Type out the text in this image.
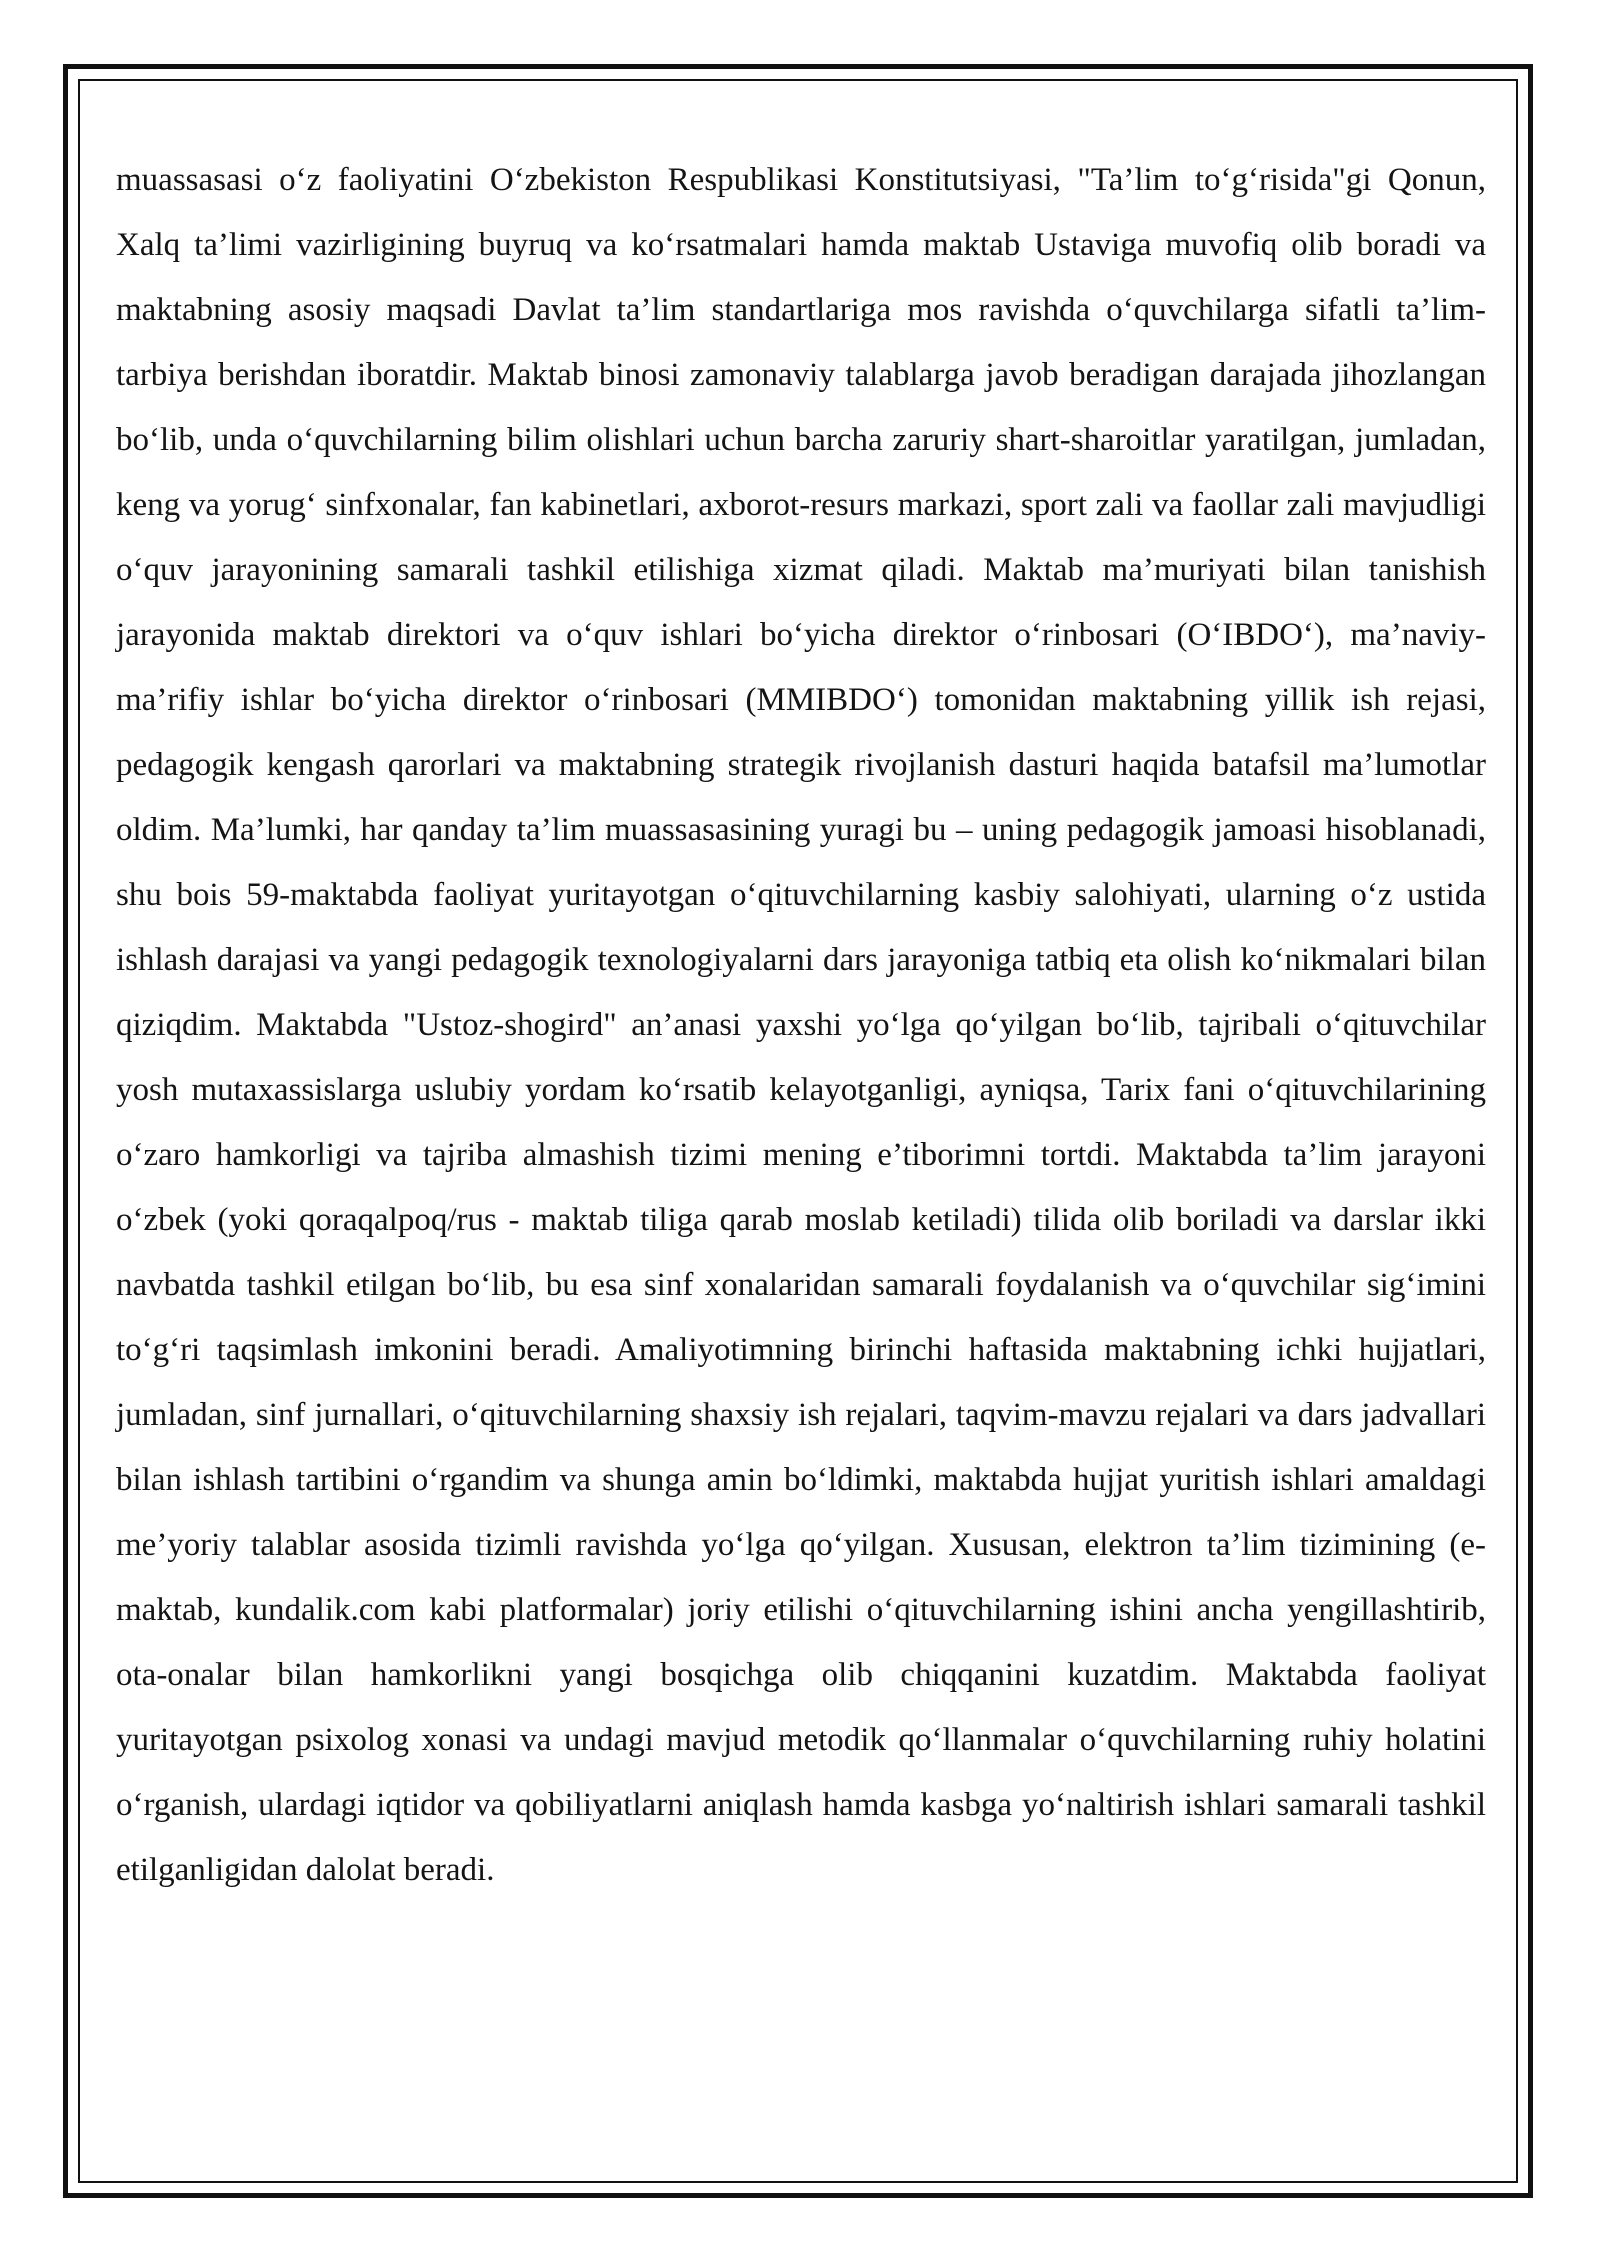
muassasasi o‘z faoliyatini O‘zbekiston Respublikasi Konstitutsiyasi, "Ta’lim to‘g‘risida"gi Qonun, Xalq ta’limi vazirligining buyruq va ko‘rsatmalari hamda maktab Ustaviga muvofiq olib boradi va maktabning asosiy maqsadi Davlat ta’lim standartlariga mos ravishda o‘quvchilarga sifatli ta’lim-tarbiya berishdan iboratdir. Maktab binosi zamonaviy talablarga javob beradigan darajada jihozlangan bo‘lib, unda o‘quvchilarning bilim olishlari uchun barcha zaruriy shart-sharoitlar yaratilgan, jumladan, keng va yorug‘ sinfxonalar, fan kabinetlari, axborot-resurs markazi, sport zali va faollar zali mavjudligi o‘quv jarayonining samarali tashkil etilishiga xizmat qiladi. Maktab ma’muriyati bilan tanishish jarayonida maktab direktori va o‘quv ishlari bo‘yicha direktor o‘rinbosari (O‘IBDO‘), ma’naviy-ma’rifiy ishlar bo‘yicha direktor o‘rinbosari (MMIBDO‘) tomonidan maktabning yillik ish rejasi, pedagogik kengash qarorlari va maktabning strategik rivojlanish dasturi haqida batafsil ma’lumotlar oldim. Ma’lumki, har qanday ta’lim muassasasining yuragi bu – uning pedagogik jamoasi hisoblanadi, shu bois 59-maktabda faoliyat yuritayotgan o‘qituvchilarning kasbiy salohiyati, ularning o‘z ustida ishlash darajasi va yangi pedagogik texnologiyalarni dars jarayoniga tatbiq eta olish ko‘nikmalari bilan qiziqdim. Maktabda "Ustoz-shogird" an’anasi yaxshi yo‘lga qo‘yilgan bo‘lib, tajribali o‘qituvchilar yosh mutaxassislarga uslubiy yordam ko‘rsatib kelayotganligi, ayniqsa, Tarix fani o‘qituvchilarining o‘zaro hamkorligi va tajriba almashish tizimi mening e’tiborimni tortdi. Maktabda ta’lim jarayoni o‘zbek (yoki qoraqalpoq/rus - maktab tiliga qarab moslab ketiladi) tilida olib boriladi va darslar ikki navbatda tashkil etilgan bo‘lib, bu esa sinf xonalaridan samarali foydalanish va o‘quvchilar sig‘imini to‘g‘ri taqsimlash imkonini beradi. Amaliyotimning birinchi haftasida maktabning ichki hujjatlari, jumladan, sinf jurnallari, o‘qituvchilarning shaxsiy ish rejalari, taqvim-mavzu rejalari va dars jadvallari bilan ishlash tartibini o‘rgandim va shunga amin bo‘ldimki, maktabda hujjat yuritish ishlari amaldagi me’yoriy talablar asosida tizimli ravishda yo‘lga qo‘yilgan. Xususan, elektron ta’lim tizimining (e-maktab, kundalik.com kabi platformalar) joriy etilishi o‘qituvchilarning ishini ancha yengillashtirib, ota-onalar bilan hamkorlikni yangi bosqichga olib chiqqanini kuzatdim. Maktabda faoliyat yuritayotgan psixolog xonasi va undagi mavjud metodik qo‘llanmalar o‘quvchilarning ruhiy holatini o‘rganish, ulardagi iqtidor va qobiliyatlarni aniqlash hamda kasbga yo‘naltirish ishlari samarali tashkil etilganligidan dalolat beradi.
